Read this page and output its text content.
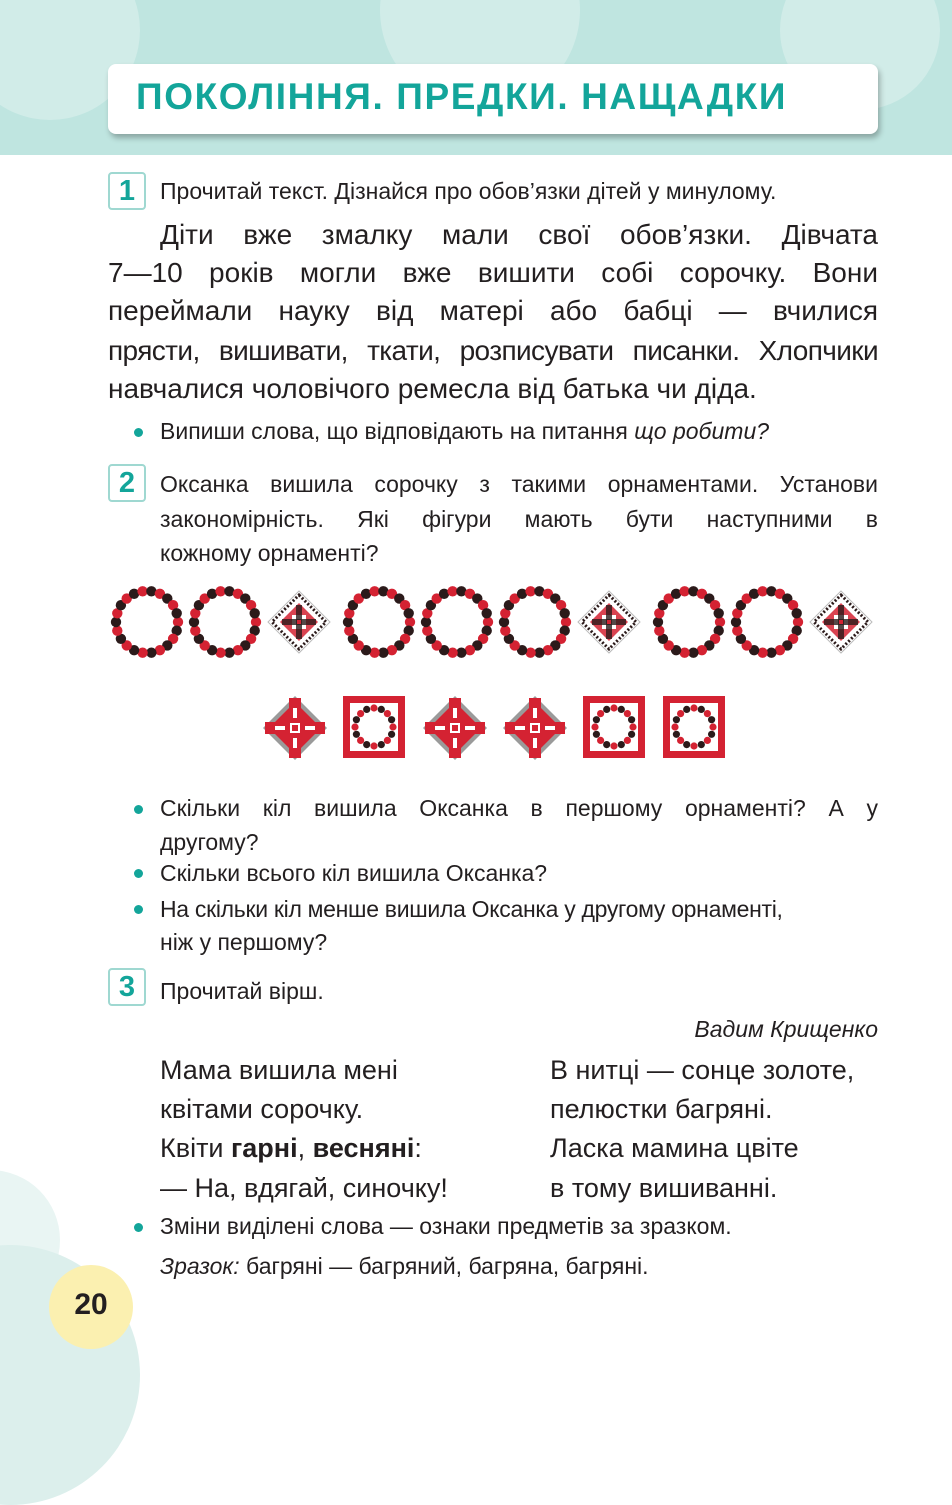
ПОКОЛІННЯ. ПРЕДКИ. НАЩАДКИ
1	Прочитай текст. Дізнайся про обов’язки дітей у минулому.
Діти вже змалку мали свої обов’язки. Дівчата
7—10 років могли вже вишити собі сорочку. Вони
переймали науку від матері або бабці — вчилися
прясти, вишивати, ткати, розписувати писанки. Хлопчики
навчалися чоловічого ремесла від батька чи діда.
Випиши слова, що відповідають на питання що робити?
2	Оксанка вишила сорочку з такими орнаментами. Установи
закономірність. Які фігури мають бути наступними в
кожному орнаменті?
Скільки кіл вишила Оксанка в першому орнаменті? А у
другому?
Скільки всього кіл вишила Оксанка?
На скільки кіл менше вишила Оксанка у другому орнаменті,
ніж у першому?
3	Прочитай вірш.
Вадим Крищенко
Мама вишила мені
квітами сорочку.
Квіти гарні, весняні:
— На, вдягай, синочку!
В нитці — сонце золоте,
пелюстки багряні.
Ласка мамина цвіте
в тому вишиванні.
Зміни виділені слова — ознаки предметів за зразком.
Зразок: багряні — багряний, багряна, багряні.
20
